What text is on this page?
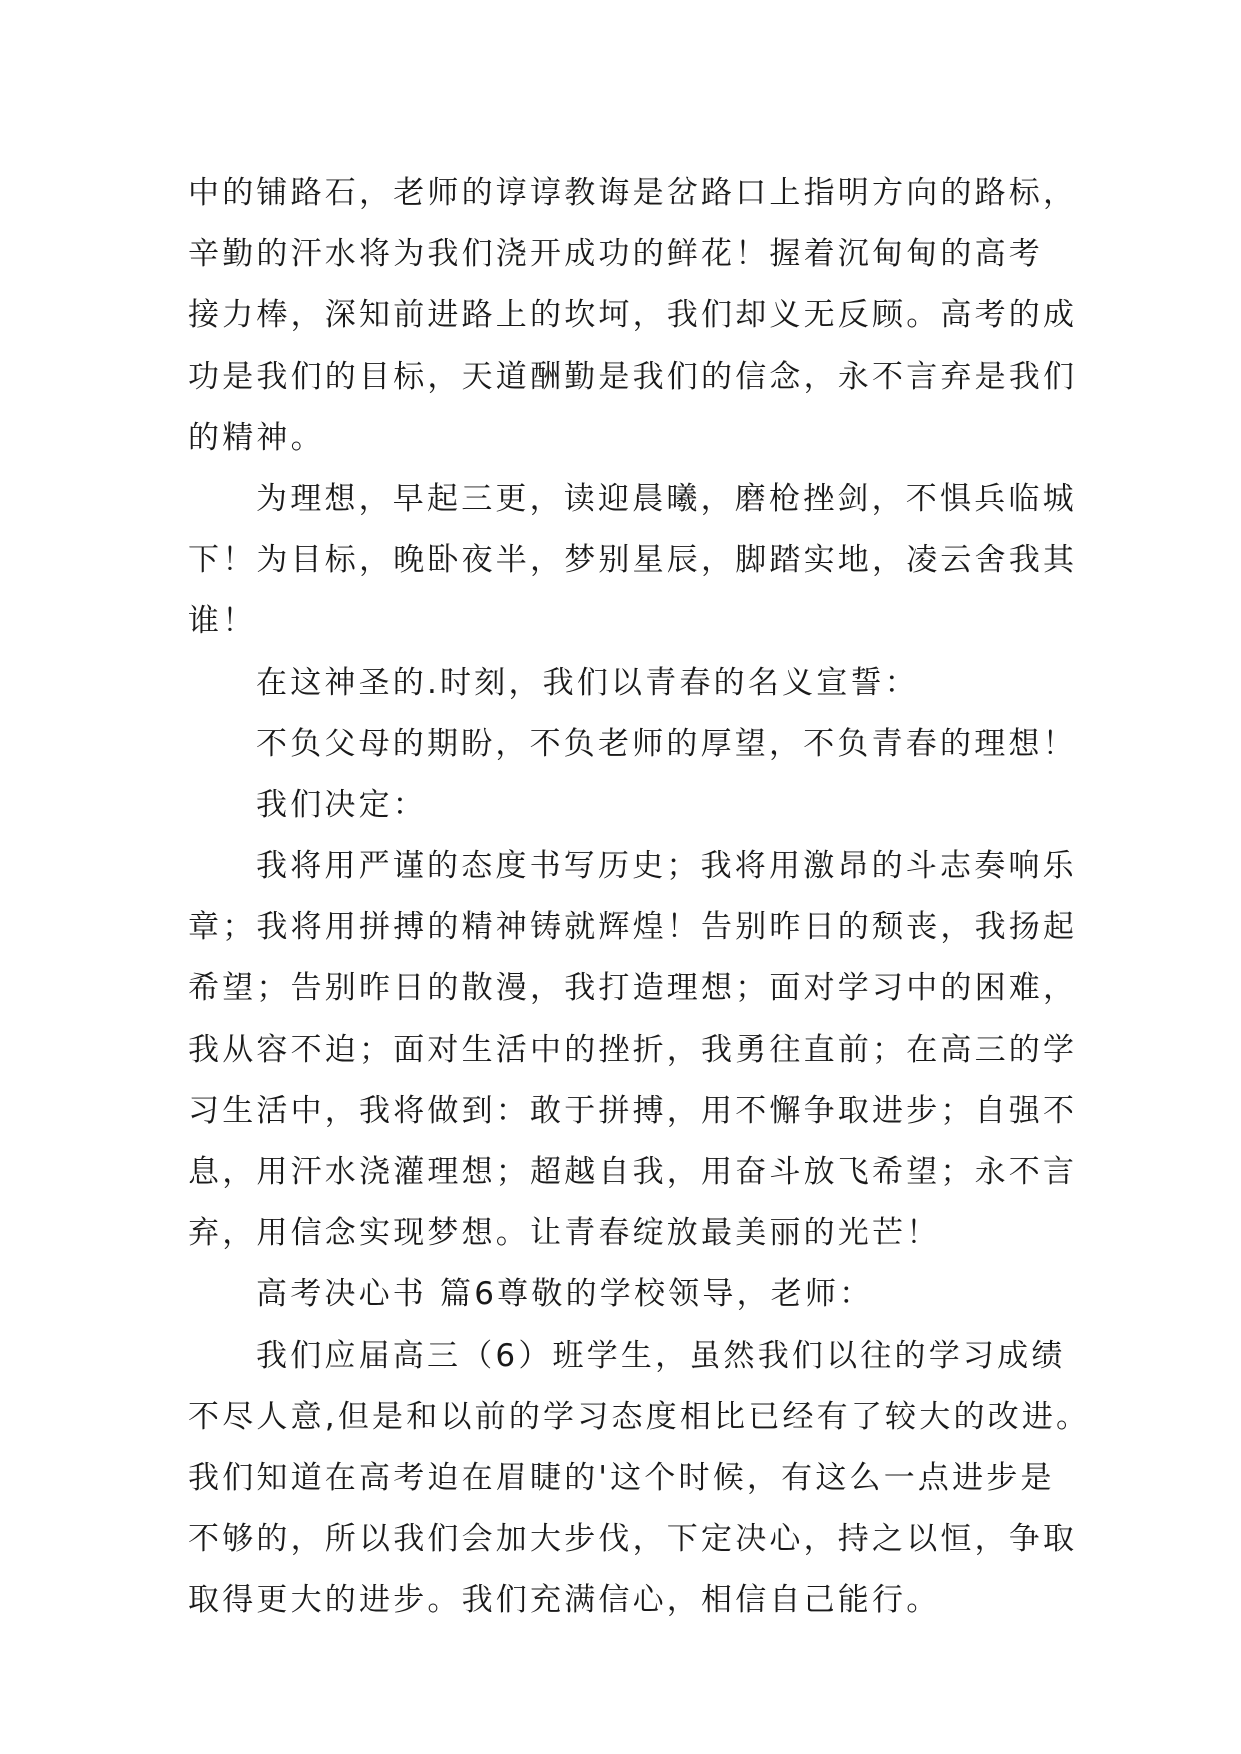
中的铺路石，老师的谆谆教诲是岔路口上指明方向的路标，
辛勤的汗水将为我们浇开成功的鲜花！握着沉甸甸的高考
接力棒，深知前进路上的坎坷，我们却义无反顾。高考的成
功是我们的目标，天道酬勤是我们的信念，永不言弃是我们
的精神。
为理想，早起三更，读迎晨曦，磨枪挫剑，不惧兵临城
下！为目标，晚卧夜半，梦别星辰，脚踏实地，凌云舍我其
谁！
在这神圣的.时刻，我们以青春的名义宣誓：
不负父母的期盼，不负老师的厚望，不负青春的理想！
我们决定：
我将用严谨的态度书写历史；我将用激昂的斗志奏响乐
章；我将用拼搏的精神铸就辉煌！告别昨日的颓丧，我扬起
希望；告别昨日的散漫，我打造理想；面对学习中的困难，
我从容不迫；面对生活中的挫折，我勇往直前；在高三的学
习生活中，我将做到：敢于拼搏，用不懈争取进步；自强不
息，用汗水浇灌理想；超越自我，用奋斗放飞希望；永不言
弃，用信念实现梦想。让青春绽放最美丽的光芒！
高考决心书 篇6尊敬的学校领导，老师：
我们应届高三（6）班学生，虽然我们以往的学习成绩
不尽人意,但是和以前的学习态度相比已经有了较大的改进。
我们知道在高考迫在眉睫的'这个时候，有这么一点进步是
不够的，所以我们会加大步伐，下定决心，持之以恒，争取
取得更大的进步。我们充满信心，相信自己能行。
